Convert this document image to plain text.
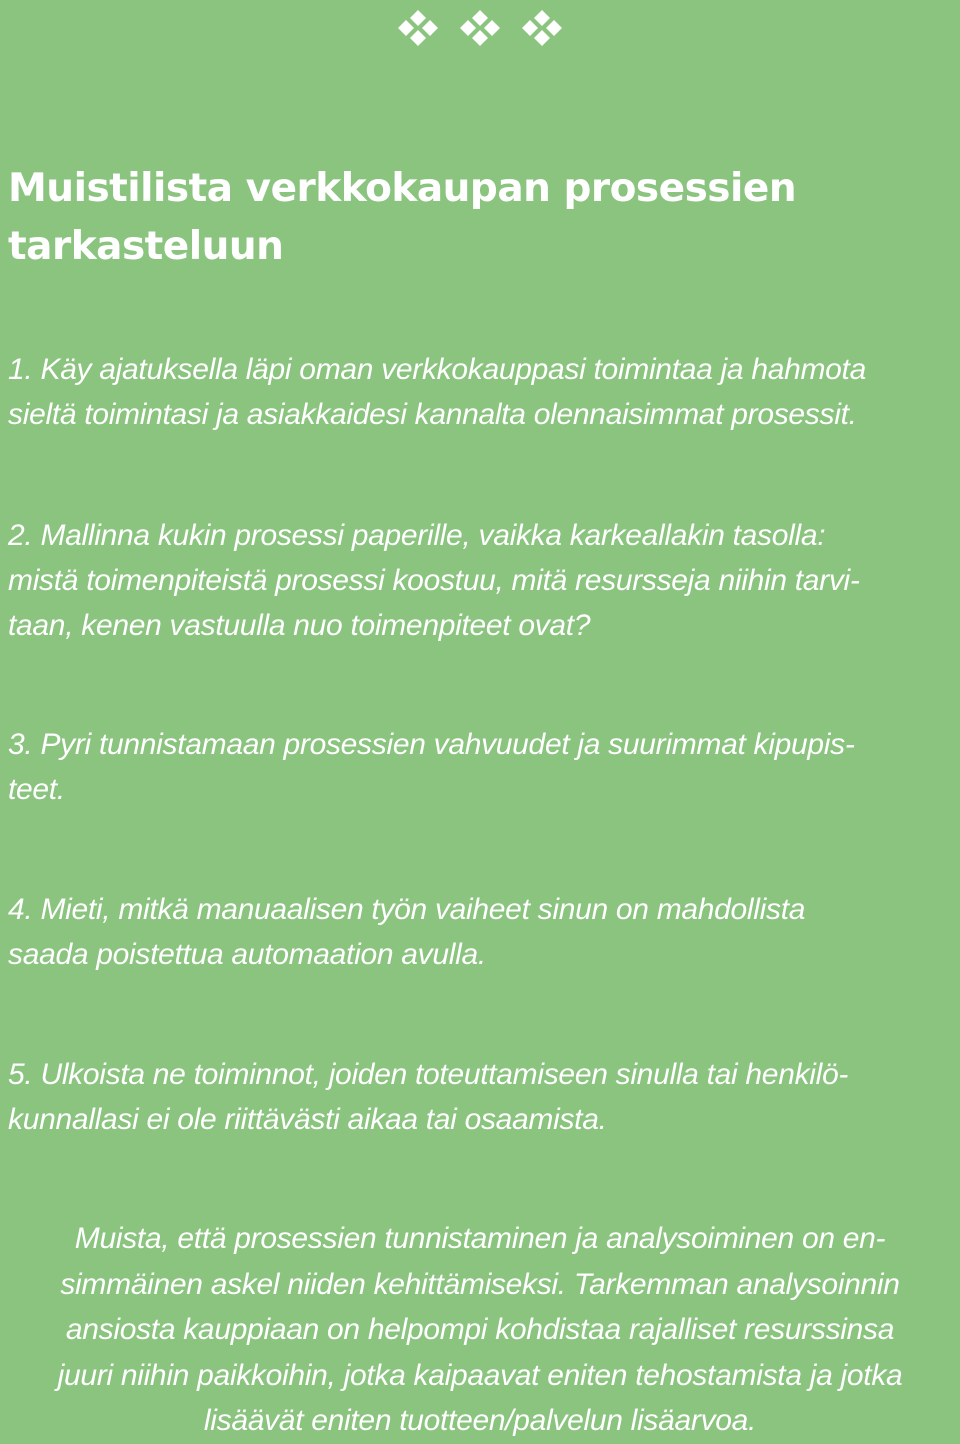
Muistilista verkkokaupan prosessien
tarkasteluun

1. Käy ajatuksella läpi oman verkkokauppasi toimintaa ja hahmota
sieltä toimintasi ja asiakkaidesi kannalta olennaisimmat prosessit.

2. Mallinna kukin prosessi paperille, vaikka karkeallakin tasolla:
mistä toimenpiteistä prosessi koostuu, mitä resursseja niihin tarvi-
taan, kenen vastuulla nuo toimenpiteet ovat?

3. Pyri tunnistamaan prosessien vahvuudet ja suurimmat kipupis-
teet.

4. Mieti, mitkä manuaalisen työn vaiheet sinun on mahdollista
saada poistettua automaation avulla.

5. Ulkoista ne toiminnot, joiden toteuttamiseen sinulla tai henkilö-
kunnallasi ei ole riittävästi aikaa tai osaamista.

Muista, että prosessien tunnistaminen ja analysoiminen on en-
simmäinen askel niiden kehittämiseksi. Tarkemman analysoinnin
ansiosta kauppiaan on helpompi kohdistaa rajalliset resurssinsa
juuri niihin paikkoihin, jotka kaipaavat eniten tehostamista ja jotka
lisäävät eniten tuotteen/palvelun lisäarvoa.
